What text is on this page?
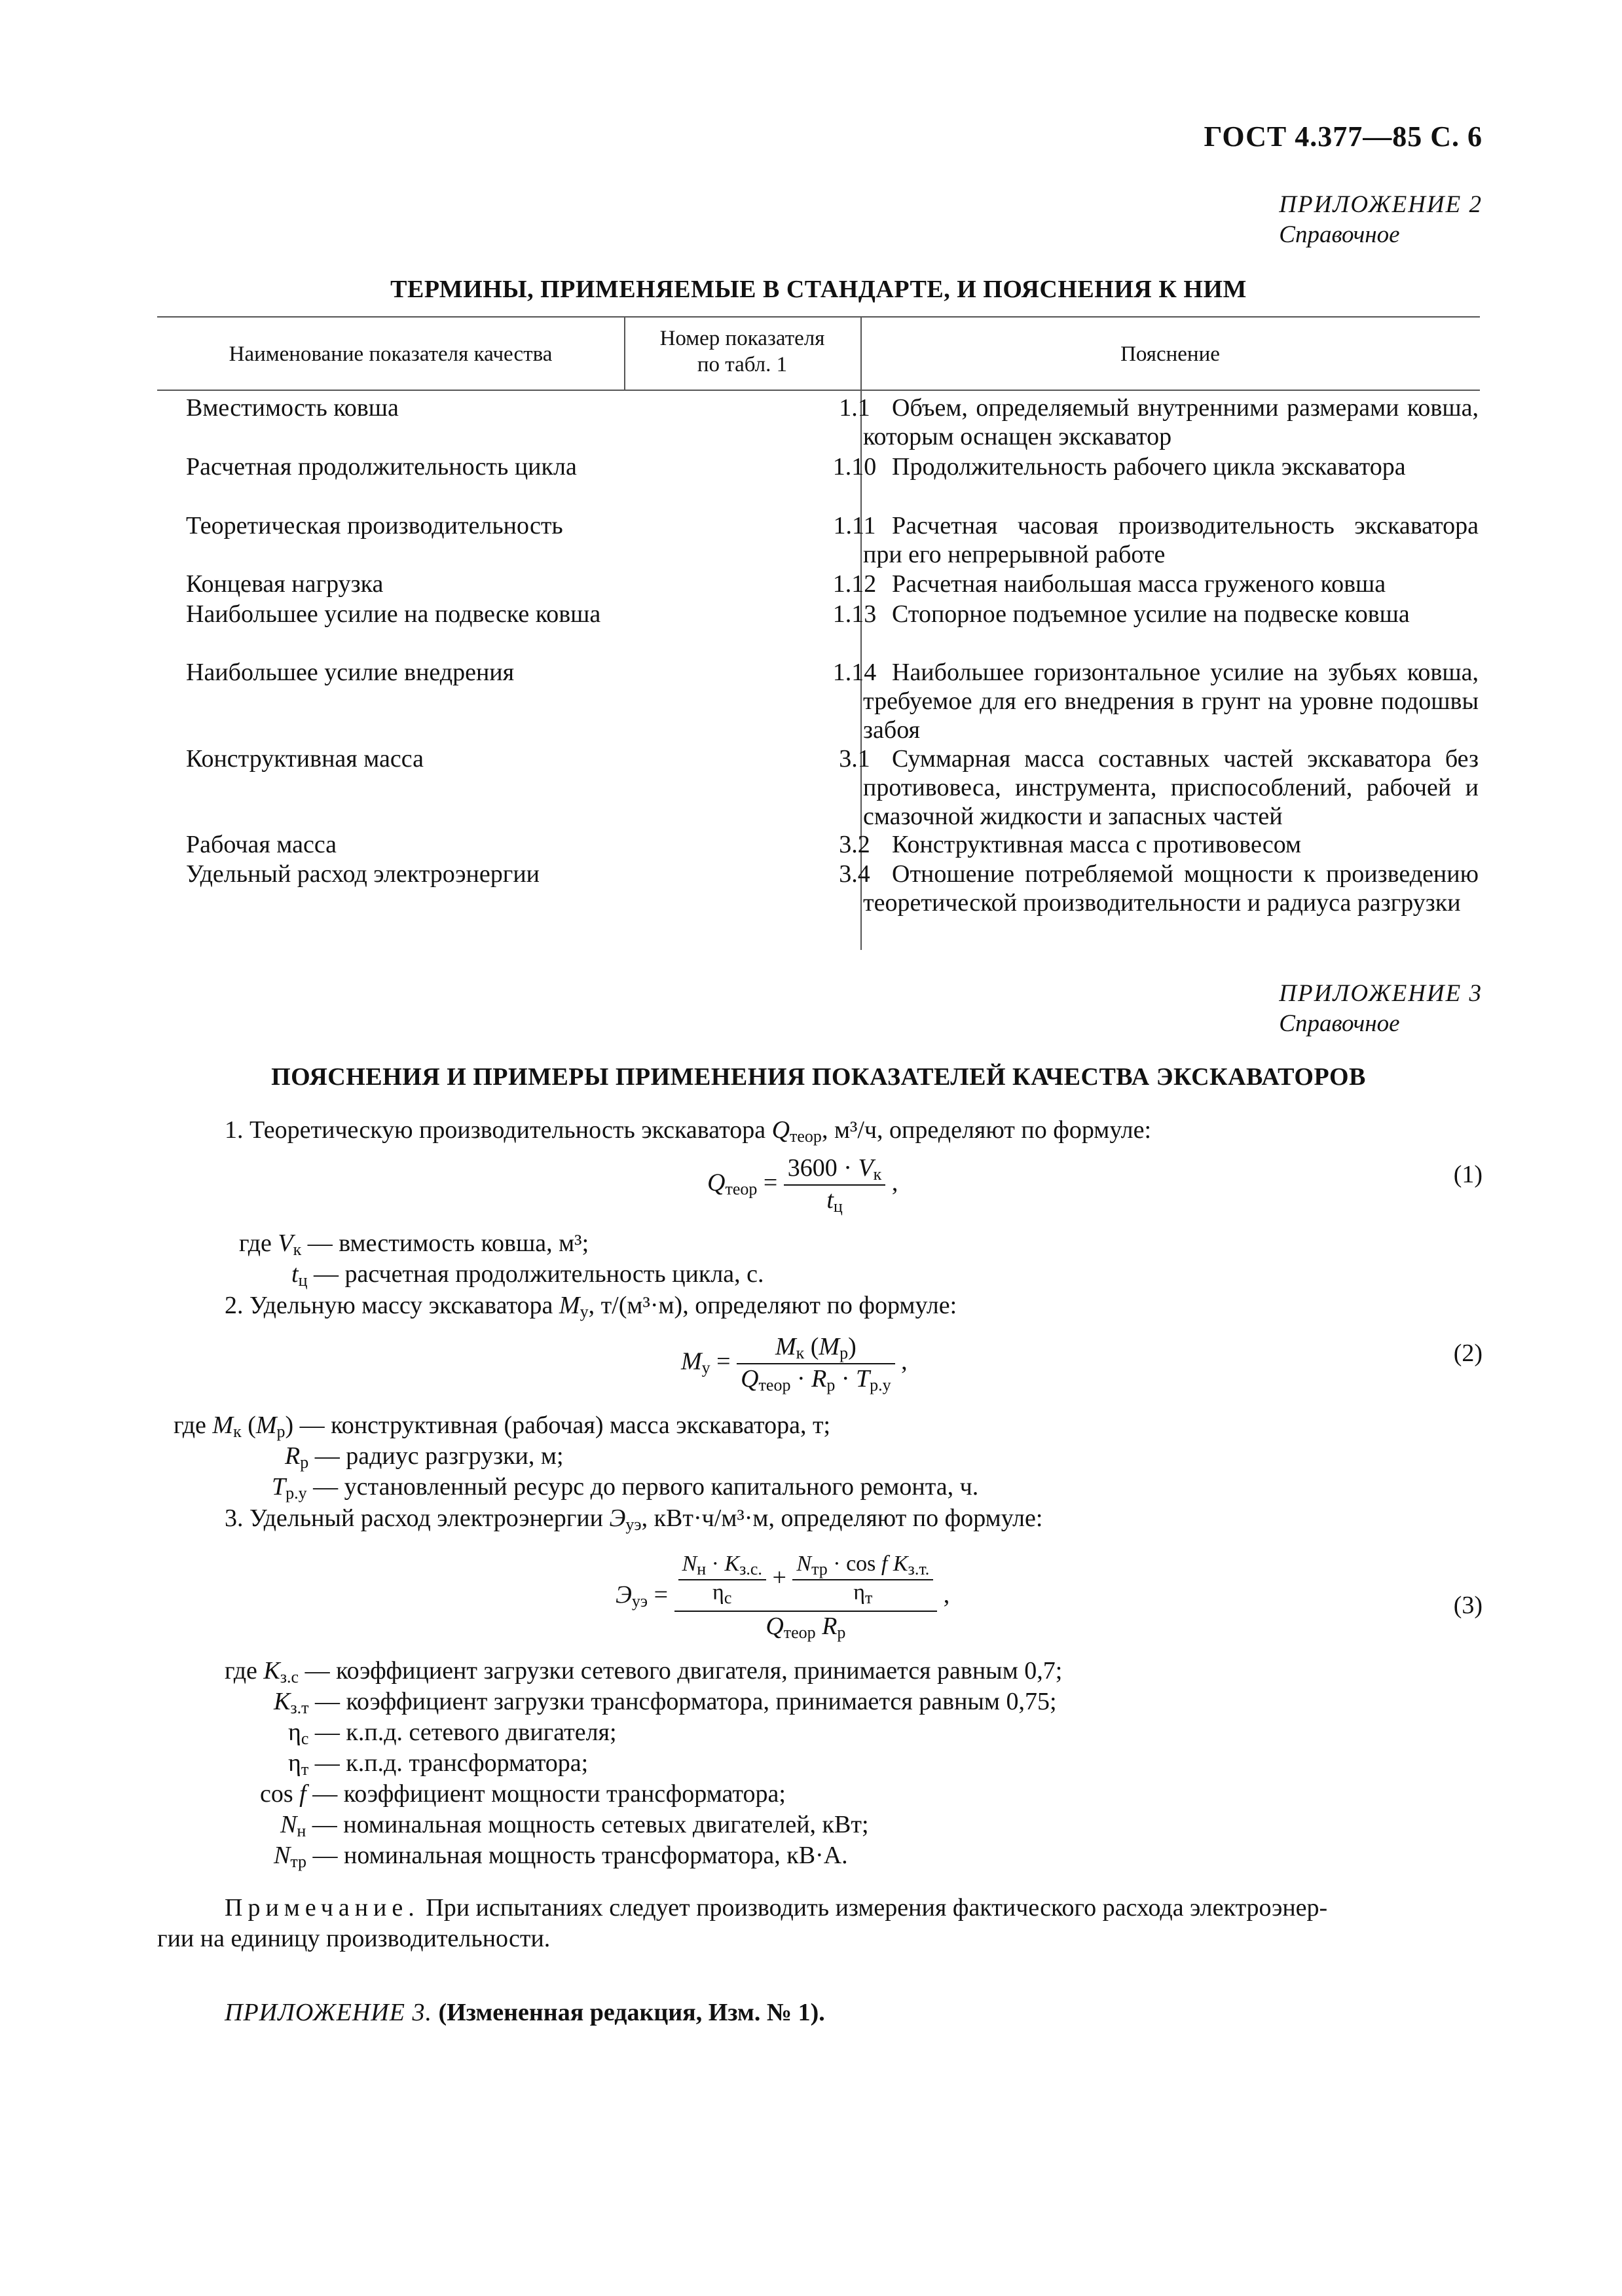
ГОСТ 4.377—85 С. 6
ПРИЛОЖЕНИЕ 2
Справочное
ТЕРМИНЫ, ПРИМЕНЯЕМЫЕ В СТАНДАРТЕ, И ПОЯСНЕНИЯ К НИМ
Наименование показателя качества
Номер показателя
по табл. 1	Пояснение
Вместимость ковша	1.1 Объем, определяемый внутренними размерами ковша, которым оснащен экскаватор
Расчетная продолжительность цикла	1.10 Продолжительность рабочего цикла экскаватора
Теоретическая производительность	1.11 Расчетная часовая производительность экскаватора при его непрерывной работе
Концевая нагрузка	1.12 Расчетная наибольшая масса груженого ковша
Наибольшее усилие на подвеске ковша	1.13 Стопорное подъемное усилие на подвеске ковша
Наибольшее усилие внедрения	1.14 Наибольшее горизонтальное усилие на зубьях ковша, требуемое для его внедрения в грунт на уровне подошвы забоя
Конструктивная масса	3.1 Суммарная масса составных частей экскаватора без противовеса, инструмента, приспособлений, рабочей и смазочной жидкости и запасных частей
Рабочая масса	3.2 Конструктивная масса с противовесом
Удельный расход электроэнергии	3.4 Отношение потребляемой мощности к произведению теоретической производительности и радиуса разгрузки
ПРИЛОЖЕНИЕ 3
Справочное
ПОЯСНЕНИЯ И ПРИМЕРЫ ПРИМЕНЕНИЯ ПОКАЗАТЕЛЕЙ КАЧЕСТВА ЭКСКАВАТОРОВ
1. Теоретическую производительность экскаватора $Q_{теор}$, м³/ч, определяют по формуле:
$Q_{теор} = \frac{3600 \cdot V_к}{t_ц}$ ,	(1)
где $V_к$ — вместимость ковша, м³;
$t_ц$ — расчетная продолжительность цикла, с.
2. Удельную массу экскаватора $M_у$, т/(м³·м), определяют по формуле:
$M_у = \frac{M_к (M_р)}{Q_{теор} \cdot R_р \cdot T_{р.у}}$ ,	(2)
где $M_к$ $(M_р)$ — конструктивная (рабочая) масса экскаватора, т;
$R_р$ — радиус разгрузки, м;
$T_{р.у}$ — установленный ресурс до первого капитального ремонта, ч.
3. Удельный расход электроэнергии $Э_{уэ}$, кВт·ч/м³·м, определяют по формуле:
$Э_{уэ} = \frac{\frac{N_н \cdot K_{з.с.}}{\eta_с} + \frac{N_{тр} \cdot \cos f K_{з.т.}}{\eta_т}}{Q_{теор} R_р}$ ,	(3)
где $K_{з.с}$ — коэффициент загрузки сетевого двигателя, принимается равным 0,7;
$K_{з.т}$ — коэффициент загрузки трансформатора, принимается равным 0,75;
$\eta_с$ — к.п.д. сетевого двигателя;
$\eta_т$ — к.п.д. трансформатора;
cos f — коэффициент мощности трансформатора;
$N_н$ — номинальная мощность сетевых двигателей, кВт;
$N_{тр}$ — номинальная мощность трансформатора, кВ·А.
Примечание. При испытаниях следует производить измерения фактического расхода электроэнер-
гии на единицу производительности.
ПРИЛОЖЕНИЕ 3. (Измененная редакция, Изм. № 1).
